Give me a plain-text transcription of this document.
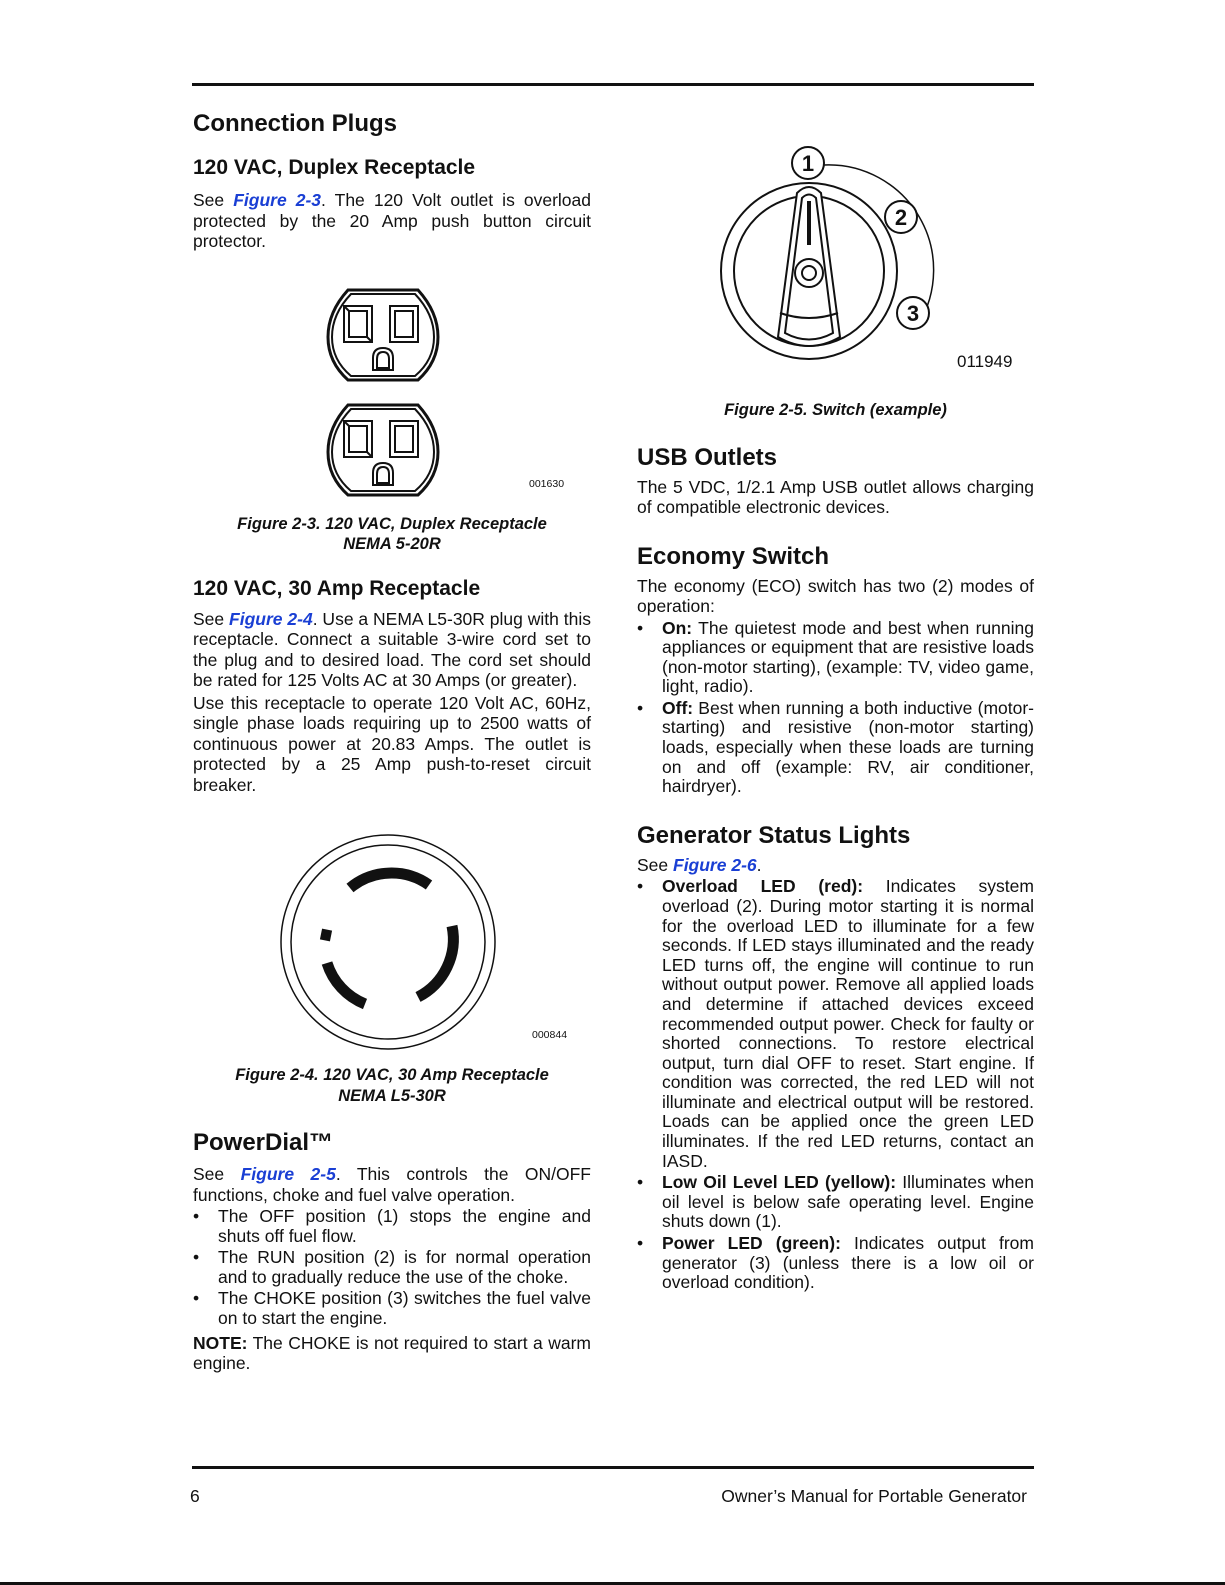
Connection Plugs
120 VAC, Duplex Receptacle

See Figure 2-3. The 120 Volt outlet is overload protected by the 20 Amp push button circuit protector.

001630
Figure 2-3. 120 VAC, Duplex Receptacle
NEMA 5-20R
120 VAC, 30 Amp Receptacle

See Figure 2-4. Use a NEMA L5-30R plug with this receptacle. Connect a suitable 3-wire cord set to the plug and to desired load. The cord set should be rated for 125 Volts AC at 30 Amps (or greater).

Use this receptacle to operate 120 Volt AC, 60Hz, single phase loads requiring up to 2500 watts of continuous power at 20.83 Amps. The outlet is protected by a 25 Amp push-to-reset circuit breaker.

000844
Figure 2-4. 120 VAC, 30 Amp Receptacle
NEMA L5-30R
PowerDial™

See Figure 2-5. This controls the ON/OFF functions, choke and fuel valve operation.

• The OFF position (1) stops the engine and shuts off fuel flow.
• The RUN position (2) is for normal operation and to gradually reduce the use of the choke.
• The CHOKE position (3) switches the fuel valve on to start the engine.

NOTE: The CHOKE is not required to start a warm engine.

1
2
3
011949
Figure 2-5. Switch (example)
USB Outlets

The 5 VDC, 1/2.1 Amp USB outlet allows charging of compatible electronic devices.

Economy Switch

The economy (ECO) switch has two (2) modes of operation:

• On: The quietest mode and best when running appliances or equipment that are resistive loads (non-motor starting), (example: TV, video game, light, radio).
• Off: Best when running a both inductive (motor-starting) and resistive (non-motor starting) loads, especially when these loads are turning on and off (example: RV, air conditioner, hairdryer).
Generator Status Lights

See Figure 2-6.

• Overload LED (red): Indicates system overload (2). During motor starting it is normal for the overload LED to illuminate for a few seconds. If LED stays illuminated and the ready LED turns off, the engine will continue to run without output power. Remove all applied loads and determine if attached devices exceed recommended output power. Check for faulty or shorted connections. To restore electrical output, turn dial OFF to reset. Start engine. If condition was corrected, the red LED will not illuminate and electrical output will be restored. Loads can be applied once the green LED illuminates. If the red LED returns, contact an IASD.
• Low Oil Level LED (yellow): Illuminates when oil level is below safe operating level. Engine shuts down (1).
• Power LED (green): Indicates output from generator (3) (unless there is a low oil or overload condition).
6	Owner’s Manual for Portable Generator
